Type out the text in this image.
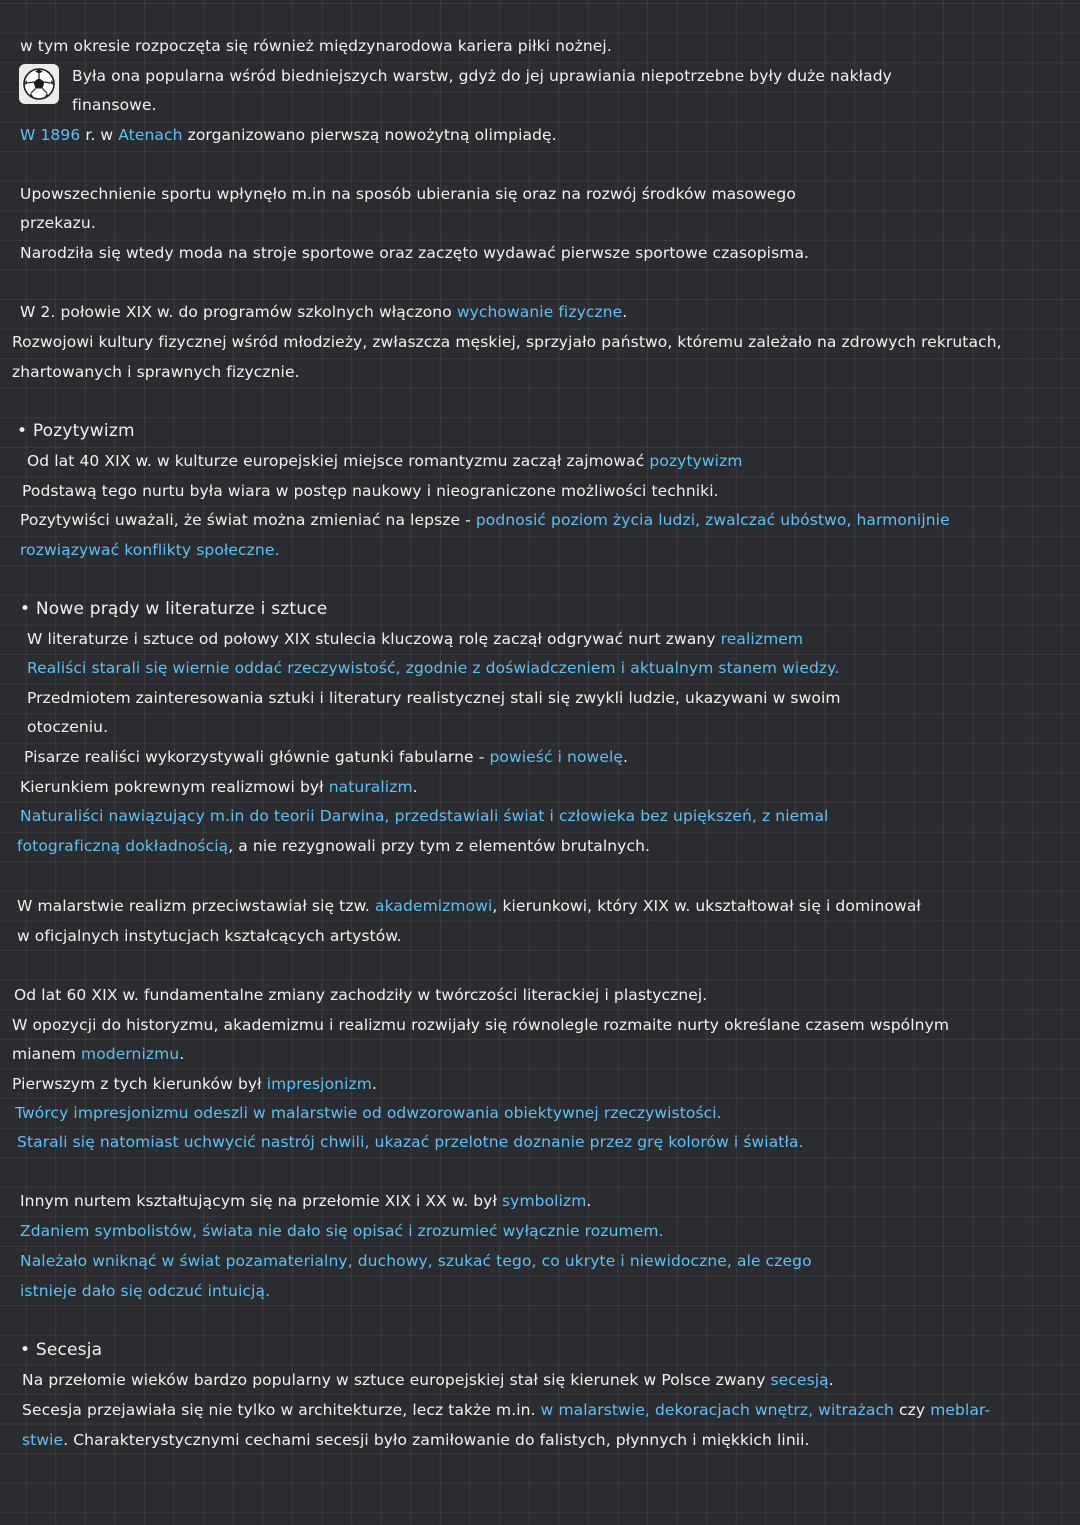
w tym okresie rozpoczęta się również międzynarodowa kariera piłki nożnej.
Była ona popularna wśród biedniejszych warstw, gdyż do jej uprawiania niepotrzebne były duże nakłady
finansowe.
W 1896 r. w Atenach zorganizowano pierwszą nowożytną olimpiadę.
Upowszechnienie sportu wpłynęło m.in na sposób ubierania się oraz na rozwój środków masowego
przekazu.
Narodziła się wtedy moda na stroje sportowe oraz zaczęto wydawać pierwsze sportowe czasopisma.
W 2. połowie XIX w. do programów szkolnych włączono wychowanie fizyczne.
Rozwojowi kultury fizycznej wśród młodzieży, zwłaszcza męskiej, sprzyjało państwo, któremu zależało na zdrowych rekrutach,
zhartowanych i sprawnych fizycznie.
• Pozytywizm
Od lat 40 XIX w. w kulturze europejskiej miejsce romantyzmu zaczął zajmować pozytywizm
Podstawą tego nurtu była wiara w postęp naukowy i nieograniczone możliwości techniki.
Pozytywiści uważali, że świat można zmieniać na lepsze - podnosić poziom życia ludzi, zwalczać ubóstwo, harmonijnie
rozwiązywać konflikty społeczne.
• Nowe prądy w literaturze i sztuce
W literaturze i sztuce od połowy XIX stulecia kluczową rolę zaczął odgrywać nurt zwany realizmem
Realiści starali się wiernie oddać rzeczywistość, zgodnie z doświadczeniem i aktualnym stanem wiedzy.
Przedmiotem zainteresowania sztuki i literatury realistycznej stali się zwykli ludzie, ukazywani w swoim
otoczeniu.
Pisarze realiści wykorzystywali głównie gatunki fabularne - powieść i nowelę.
Kierunkiem pokrewnym realizmowi był naturalizm.
Naturaliści nawiązujący m.in do teorii Darwina, przedstawiali świat i człowieka bez upiększeń, z niemal
fotograficzną dokładnością, a nie rezygnowali przy tym z elementów brutalnych.
W malarstwie realizm przeciwstawiał się tzw. akademizmowi, kierunkowi, który XIX w. ukształtował się i dominował
w oficjalnych instytucjach kształcących artystów.
Od lat 60 XIX w. fundamentalne zmiany zachodziły w twórczości literackiej i plastycznej.
W opozycji do historyzmu, akademizmu i realizmu rozwijały się równolegle rozmaite nurty określane czasem wspólnym
mianem modernizmu.
Pierwszym z tych kierunków był impresjonizm.
Twórcy impresjonizmu odeszli w malarstwie od odwzorowania obiektywnej rzeczywistości.
Starali się natomiast uchwycić nastrój chwili, ukazać przelotne doznanie przez grę kolorów i światła.
Innym nurtem kształtującym się na przełomie XIX i XX w. był symbolizm.
Zdaniem symbolistów, świata nie dało się opisać i zrozumieć wyłącznie rozumem.
Należało wniknąć w świat pozamaterialny, duchowy, szukać tego, co ukryte i niewidoczne, ale czego
istnieje dało się odczuć intuicją.
• Secesja
Na przełomie wieków bardzo popularny w sztuce europejskiej stał się kierunek w Polsce zwany secesją.
Secesja przejawiała się nie tylko w architekturze, lecz także m.in. w malarstwie, dekoracjach wnętrz, witrażach czy meblar-
stwie. Charakterystycznymi cechami secesji było zamiłowanie do falistych, płynnych i miękkich linii.
